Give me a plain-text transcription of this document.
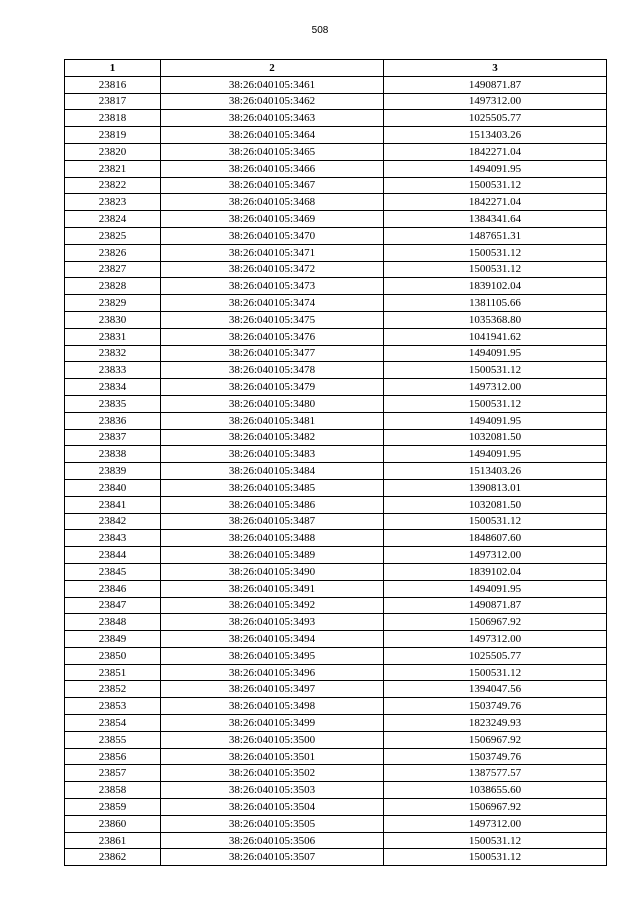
508
1	2	3
23816	38:26:040105:3461	1490871.87
23817	38:26:040105:3462	1497312.00
23818	38:26:040105:3463	1025505.77
23819	38:26:040105:3464	1513403.26
23820	38:26:040105:3465	1842271.04
23821	38:26:040105:3466	1494091.95
23822	38:26:040105:3467	1500531.12
23823	38:26:040105:3468	1842271.04
23824	38:26:040105:3469	1384341.64
23825	38:26:040105:3470	1487651.31
23826	38:26:040105:3471	1500531.12
23827	38:26:040105:3472	1500531.12
23828	38:26:040105:3473	1839102.04
23829	38:26:040105:3474	1381105.66
23830	38:26:040105:3475	1035368.80
23831	38:26:040105:3476	1041941.62
23832	38:26:040105:3477	1494091.95
23833	38:26:040105:3478	1500531.12
23834	38:26:040105:3479	1497312.00
23835	38:26:040105:3480	1500531.12
23836	38:26:040105:3481	1494091.95
23837	38:26:040105:3482	1032081.50
23838	38:26:040105:3483	1494091.95
23839	38:26:040105:3484	1513403.26
23840	38:26:040105:3485	1390813.01
23841	38:26:040105:3486	1032081.50
23842	38:26:040105:3487	1500531.12
23843	38:26:040105:3488	1848607.60
23844	38:26:040105:3489	1497312.00
23845	38:26:040105:3490	1839102.04
23846	38:26:040105:3491	1494091.95
23847	38:26:040105:3492	1490871.87
23848	38:26:040105:3493	1506967.92
23849	38:26:040105:3494	1497312.00
23850	38:26:040105:3495	1025505.77
23851	38:26:040105:3496	1500531.12
23852	38:26:040105:3497	1394047.56
23853	38:26:040105:3498	1503749.76
23854	38:26:040105:3499	1823249.93
23855	38:26:040105:3500	1506967.92
23856	38:26:040105:3501	1503749.76
23857	38:26:040105:3502	1387577.57
23858	38:26:040105:3503	1038655.60
23859	38:26:040105:3504	1506967.92
23860	38:26:040105:3505	1497312.00
23861	38:26:040105:3506	1500531.12
23862	38:26:040105:3507	1500531.12
